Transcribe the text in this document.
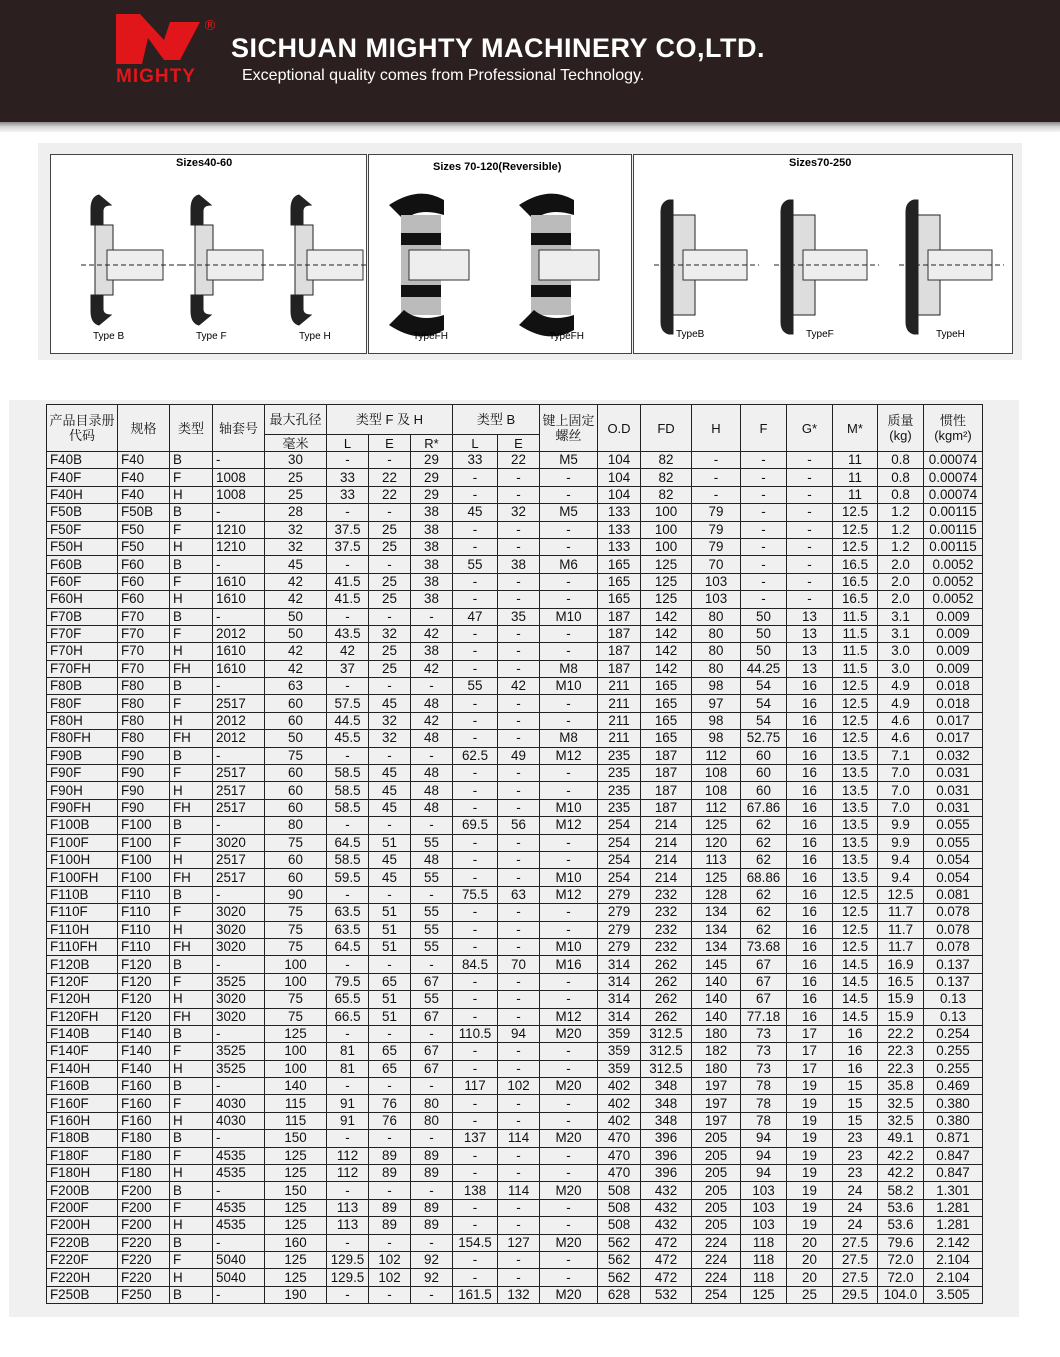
®
MIGHTY
SICHUAN MIGHTY MACHINERY CO,LTD.
Exceptional quality comes from Professional Technology.
Sizes40-60
Type B	Type F	Type H
Sizes 70-120(Reversible)
TypeFH	TypeFH
Sizes70-250
TypeB	TypeF	TypeH
产品目录册代码	规格	类型	轴套号	最大孔径	类型 F 及 H			类型 B		键上固定螺丝	O.D	FD	H	F	G*	M*	质量(kg)	惯性(kgm²)
				毫米	L	E	R*	L	E									
F40B	F40	B	-	30	-	-	29	33	22	M5	104	82	-	-	-	11	0.8	0.00074
F40F	F40	F	1008	25	33	22	29	-	-	-	104	82	-	-	-	11	0.8	0.00074
F40H	F40	H	1008	25	33	22	29	-	-	-	104	82	-	-	-	11	0.8	0.00074
F50B	F50B	B	-	28	-	-	38	45	32	M5	133	100	79	-	-	12.5	1.2	0.00115
F50F	F50	F	1210	32	37.5	25	38	-	-	-	133	100	79	-	-	12.5	1.2	0.00115
F50H	F50	H	1210	32	37.5	25	38	-	-	-	133	100	79	-	-	12.5	1.2	0.00115
F60B	F60	B	-	45	-	-	38	55	38	M6	165	125	70	-	-	16.5	2.0	0.0052
F60F	F60	F	1610	42	41.5	25	38	-	-	-	165	125	103	-	-	16.5	2.0	0.0052
F60H	F60	H	1610	42	41.5	25	38	-	-	-	165	125	103	-	-	16.5	2.0	0.0052
F70B	F70	B	-	50	-	-	-	47	35	M10	187	142	80	50	13	11.5	3.1	0.009
F70F	F70	F	2012	50	43.5	32	42	-	-	-	187	142	80	50	13	11.5	3.1	0.009
F70H	F70	H	1610	42	42	25	38	-	-	-	187	142	80	50	13	11.5	3.0	0.009
F70FH	F70	FH	1610	42	37	25	42	-	-	M8	187	142	80	44.25	13	11.5	3.0	0.009
F80B	F80	B	-	63	-	-	-	55	42	M10	211	165	98	54	16	12.5	4.9	0.018
F80F	F80	F	2517	60	57.5	45	48	-	-	-	211	165	97	54	16	12.5	4.9	0.018
F80H	F80	H	2012	60	44.5	32	42	-	-	-	211	165	98	54	16	12.5	4.6	0.017
F80FH	F80	FH	2012	50	45.5	32	48	-	-	M8	211	165	98	52.75	16	12.5	4.6	0.017
F90B	F90	B	-	75	-	-	-	62.5	49	M12	235	187	112	60	16	13.5	7.1	0.032
F90F	F90	F	2517	60	58.5	45	48	-	-	-	235	187	108	60	16	13.5	7.0	0.031
F90H	F90	H	2517	60	58.5	45	48	-	-	-	235	187	108	60	16	13.5	7.0	0.031
F90FH	F90	FH	2517	60	58.5	45	48	-	-	M10	235	187	112	67.86	16	13.5	7.0	0.031
F100B	F100	B	-	80	-	-	-	69.5	56	M12	254	214	125	62	16	13.5	9.9	0.055
F100F	F100	F	3020	75	64.5	51	55	-	-	-	254	214	120	62	16	13.5	9.9	0.055
F100H	F100	H	2517	60	58.5	45	48	-	-	-	254	214	113	62	16	13.5	9.4	0.054
F100FH	F100	FH	2517	60	59.5	45	55	-	-	M10	254	214	125	68.86	16	13.5	9.4	0.054
F110B	F110	B	-	90	-	-	-	75.5	63	M12	279	232	128	62	16	12.5	12.5	0.081
F110F	F110	F	3020	75	63.5	51	55	-	-	-	279	232	134	62	16	12.5	11.7	0.078
F110H	F110	H	3020	75	63.5	51	55	-	-	-	279	232	134	62	16	12.5	11.7	0.078
F110FH	F110	FH	3020	75	64.5	51	55	-	-	M10	279	232	134	73.68	16	12.5	11.7	0.078
F120B	F120	B	-	100	-	-	-	84.5	70	M16	314	262	145	67	16	14.5	16.9	0.137
F120F	F120	F	3525	100	79.5	65	67	-	-	-	314	262	140	67	16	14.5	16.5	0.137
F120H	F120	H	3020	75	65.5	51	55	-	-	-	314	262	140	67	16	14.5	15.9	0.13
F120FH	F120	FH	3020	75	66.5	51	67	-	-	M12	314	262	140	77.18	16	14.5	15.9	0.13
F140B	F140	B	-	125	-	-	-	110.5	94	M20	359	312.5	180	73	17	16	22.2	0.254
F140F	F140	F	3525	100	81	65	67	-	-	-	359	312.5	182	73	17	16	22.3	0.255
F140H	F140	H	3525	100	81	65	67	-	-	-	359	312.5	180	73	17	16	22.3	0.255
F160B	F160	B	-	140	-	-	-	117	102	M20	402	348	197	78	19	15	35.8	0.469
F160F	F160	F	4030	115	91	76	80	-	-	-	402	348	197	78	19	15	32.5	0.380
F160H	F160	H	4030	115	91	76	80	-	-	-	402	348	197	78	19	15	32.5	0.380
F180B	F180	B	-	150	-	-	-	137	114	M20	470	396	205	94	19	23	49.1	0.871
F180F	F180	F	4535	125	112	89	89	-	-	-	470	396	205	94	19	23	42.2	0.847
F180H	F180	H	4535	125	112	89	89	-	-	-	470	396	205	94	19	23	42.2	0.847
F200B	F200	B	-	150	-	-	-	138	114	M20	508	432	205	103	19	24	58.2	1.301
F200F	F200	F	4535	125	113	89	89	-	-	-	508	432	205	103	19	24	53.6	1.281
F200H	F200	H	4535	125	113	89	89	-	-	-	508	432	205	103	19	24	53.6	1.281
F220B	F220	B	-	160	-	-	-	154.5	127	M20	562	472	224	118	20	27.5	79.6	2.142
F220F	F220	F	5040	125	129.5	102	92	-	-	-	562	472	224	118	20	27.5	72.0	2.104
F220H	F220	H	5040	125	129.5	102	92	-	-	-	562	472	224	118	20	27.5	72.0	2.104
F250B	F250	B	-	190	-	-	-	161.5	132	M20	628	532	254	125	25	29.5	104.0	3.505
